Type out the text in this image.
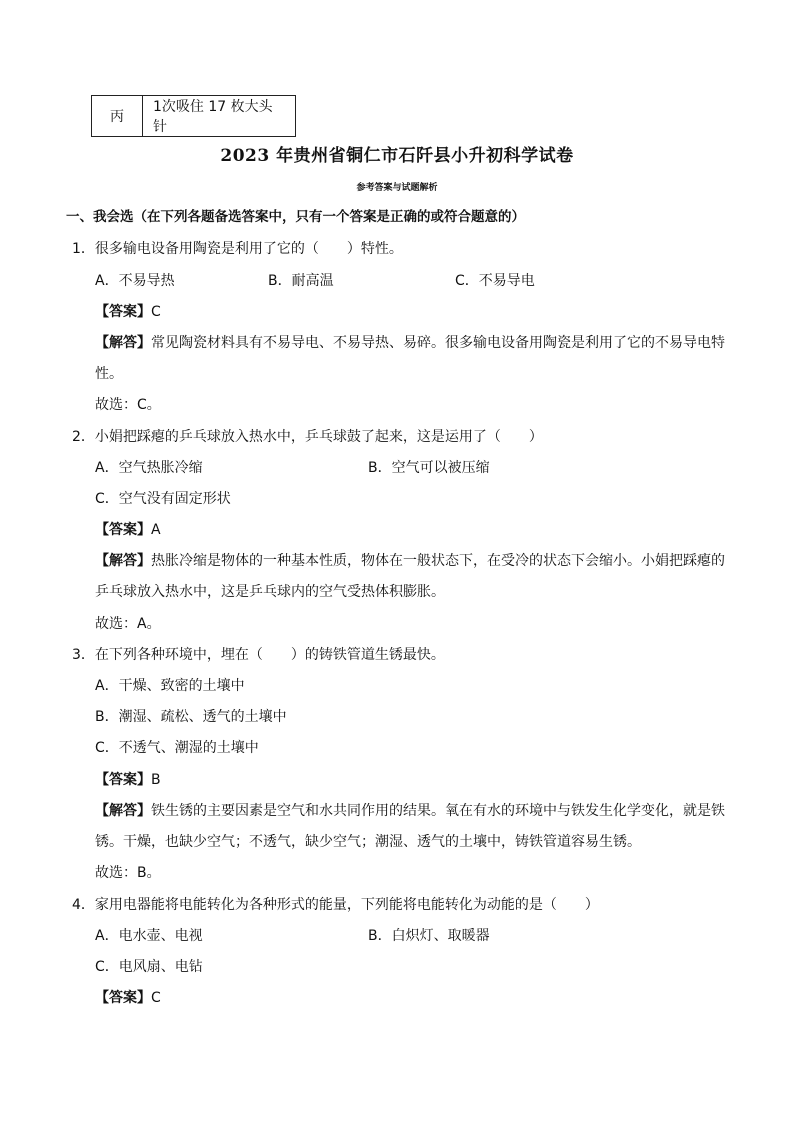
丙	1次吸住 17 枚大头针
2023 年贵州省铜仁市石阡县小升初科学试卷
参考答案与试题解析
一、我会选（在下列各题备选答案中，只有一个答案是正确的或符合题意的）
1．很多输电设备用陶瓷是利用了它的（　　）特性。
A．不易导热	B．耐高温	C．不易导电
【答案】C
【解答】常见陶瓷材料具有不易导电、不易导热、易碎。很多输电设备用陶瓷是利用了它的不易导电特
性。
故选：C。
2．小娟把踩瘪的乒乓球放入热水中，乒乓球鼓了起来，这是运用了（　　）
A．空气热胀冷缩	B．空气可以被压缩
C．空气没有固定形状
【答案】A
【解答】热胀冷缩是物体的一种基本性质，物体在一般状态下，在受冷的状态下会缩小。小娟把踩瘪的
乒乓球放入热水中，这是乒乓球内的空气受热体积膨胀。
故选：A。
3．在下列各种环境中，埋在（　　）的铸铁管道生锈最快。
A．干燥、致密的土壤中
B．潮湿、疏松、透气的土壤中
C．不透气、潮湿的土壤中
【答案】B
【解答】铁生锈的主要因素是空气和水共同作用的结果。氧在有水的环境中与铁发生化学变化，就是铁
锈。干燥，也缺少空气；不透气，缺少空气；潮湿、透气的土壤中，铸铁管道容易生锈。
故选：B。
4．家用电器能将电能转化为各种形式的能量，下列能将电能转化为动能的是（　　）
A．电水壶、电视	B．白炽灯、取暖器
C．电风扇、电钻
【答案】C
